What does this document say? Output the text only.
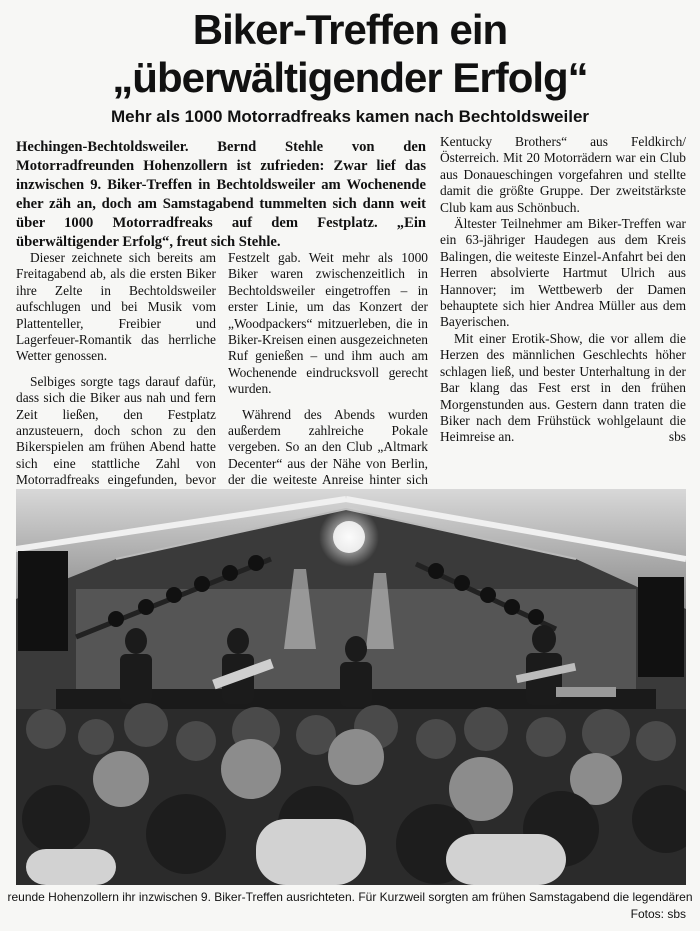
Biker-Treffen ein
„überwältigender Erfolg“
Mehr als 1000 Motorradfreaks kamen nach Bechtoldsweiler

Hechingen-Bechtoldsweiler. Bernd Stehle von den Motorradfreunden Hohenzollern ist zufrieden: Zwar lief das inzwischen 9. Biker-Treffen in Bechtoldsweiler am Wochenende eher zäh an, doch am Samstagabend tummelten sich dann weit über 1000 Motorradfreaks auf dem Festplatz. „Ein überwältigender Erfolg“, freut sich Stehle.

Dieser zeichnete sich bereits am Freitagabend ab, als die ersten Biker ihre Zelte in Bechtoldsweiler aufschlugen und bei Musik vom Plattenteller, Freibier und Lagerfeuer-Romantik das herrliche Wetter genossen.

Selbiges sorgte tags darauf dafür, dass sich die Biker aus nah und fern Zeit ließen, den Festplatz anzusteuern, doch schon zu den Bikerspielen am frühen Abend hatte sich eine stattliche Zahl von Motorradfreaks eingefunden, bevor

Festzelt gab. Weit mehr als 1000 Biker waren zwischenzeitlich in Bechtoldsweiler eingetroffen – in erster Linie, um das Konzert der „Woodpackers“ mitzuerleben, die in Biker-Kreisen einen ausgezeichneten Ruf genießen – und ihm auch am Wochenende eindrucksvoll gerecht wurden.

Während des Abends wurden außerdem zahlreiche Pokale vergeben. So an den Club „Altmark Decenter“ aus der Nähe von Berlin, der die weiteste Anreise hinter sich

Kentucky Brothers“ aus Feldkirch/Österreich. Mit 20 Motorrädern war ein Club aus Donaueschingen vorgefahren und stellte damit die größte Gruppe. Der zweitstärkste Club kam aus Schönbuch.

Ältester Teilnehmer am Biker-Treffen war ein 63-jähriger Haudegen aus dem Kreis Balingen, die weiteste Einzel-Anfahrt bei den Herren absolvierte Hartmut Ulrich aus Hannover; im Wettbewerb der Damen behauptete sich hier Andrea Müller aus dem Bayerischen.

Mit einer Erotik-Show, die vor allem die Herzen des männlichen Geschlechts höher schlagen ließ, und bester Unterhaltung in der Bar klang das Fest erst in den frühen Morgenstunden aus. Gestern dann traten die Biker nach dem Frühstück wohlgelaunt die Heimreise an.	sbs

reunde Hohenzollern ihr inzwischen 9. Biker-Treffen ausrichteten. Für Kurzweil sorgten am frühen Samstagabend die legendären
Fotos: sbs
